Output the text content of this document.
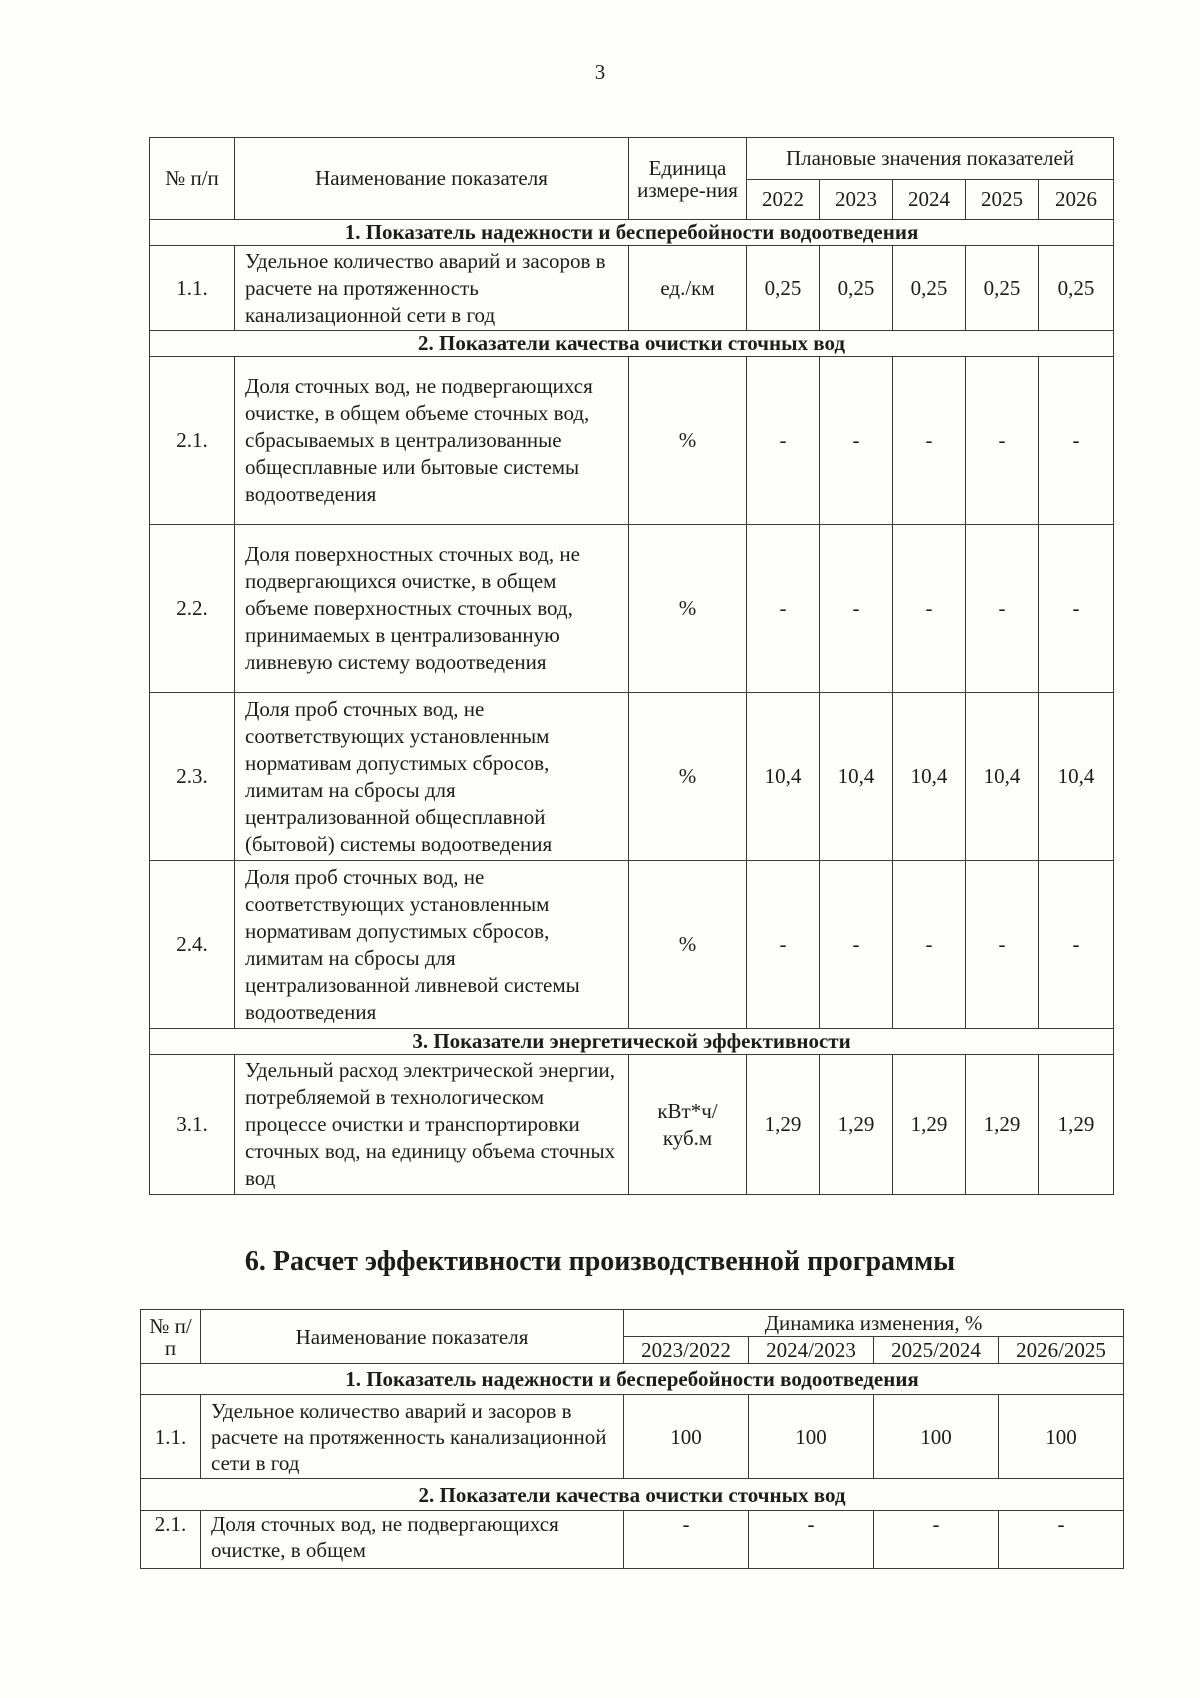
3
№ п/п	Наименование показателя	Единица измере-ния	Плановые значения показателей				
			2022	2023	2024	2025	2026
1. Показатель надежности и бесперебойности водоотведения							
1.1.	Удельное количество аварий и засоров в расчете на протяженность канализационной сети в год	ед./км	0,25	0,25	0,25	0,25	0,25
2. Показатели качества очистки сточных вод							
2.1.	Доля сточных вод, не подвергающихся очистке, в общем объеме сточных вод, сбрасываемых в централизованные общесплавные или бытовые системы водоотведения	%	-	-	-	-	-
2.2.	Доля поверхностных сточных вод, не подвергающихся очистке, в общем объеме поверхностных сточных вод, принимаемых в централизованную ливневую систему водоотведения	%	-	-	-	-	-
2.3.	Доля проб сточных вод, не соответствующих установленным нормативам допустимых сбросов, лимитам на сбросы для централизованной общесплавной (бытовой) системы водоотведения	%	10,4	10,4	10,4	10,4	10,4
2.4.	Доля проб сточных вод, не соответствующих установленным нормативам допустимых сбросов, лимитам на сбросы для централизованной ливневой системы водоотведения	%	-	-	-	-	-
3. Показатели энергетической эффективности							
3.1.	Удельный расход электрической энергии, потребляемой в технологическом процессе очистки и транспортировки сточных вод, на единицу объема сточных вод	кВт*ч/ куб.м	1,29	1,29	1,29	1,29	1,29
6. Расчет эффективности производственной программы
№ п/п	Наименование показателя	Динамика изменения, %			
		2023/2022	2024/2023	2025/2024	2026/2025
1. Показатель надежности и бесперебойности водоотведения					
1.1.	Удельное количество аварий и засоров в расчете на протяженность канализационной сети в год	100	100	100	100
2. Показатели качества очистки сточных вод					
2.1.	Доля сточных вод, не подвергающихся очистке, в общем	-	-	-	-
